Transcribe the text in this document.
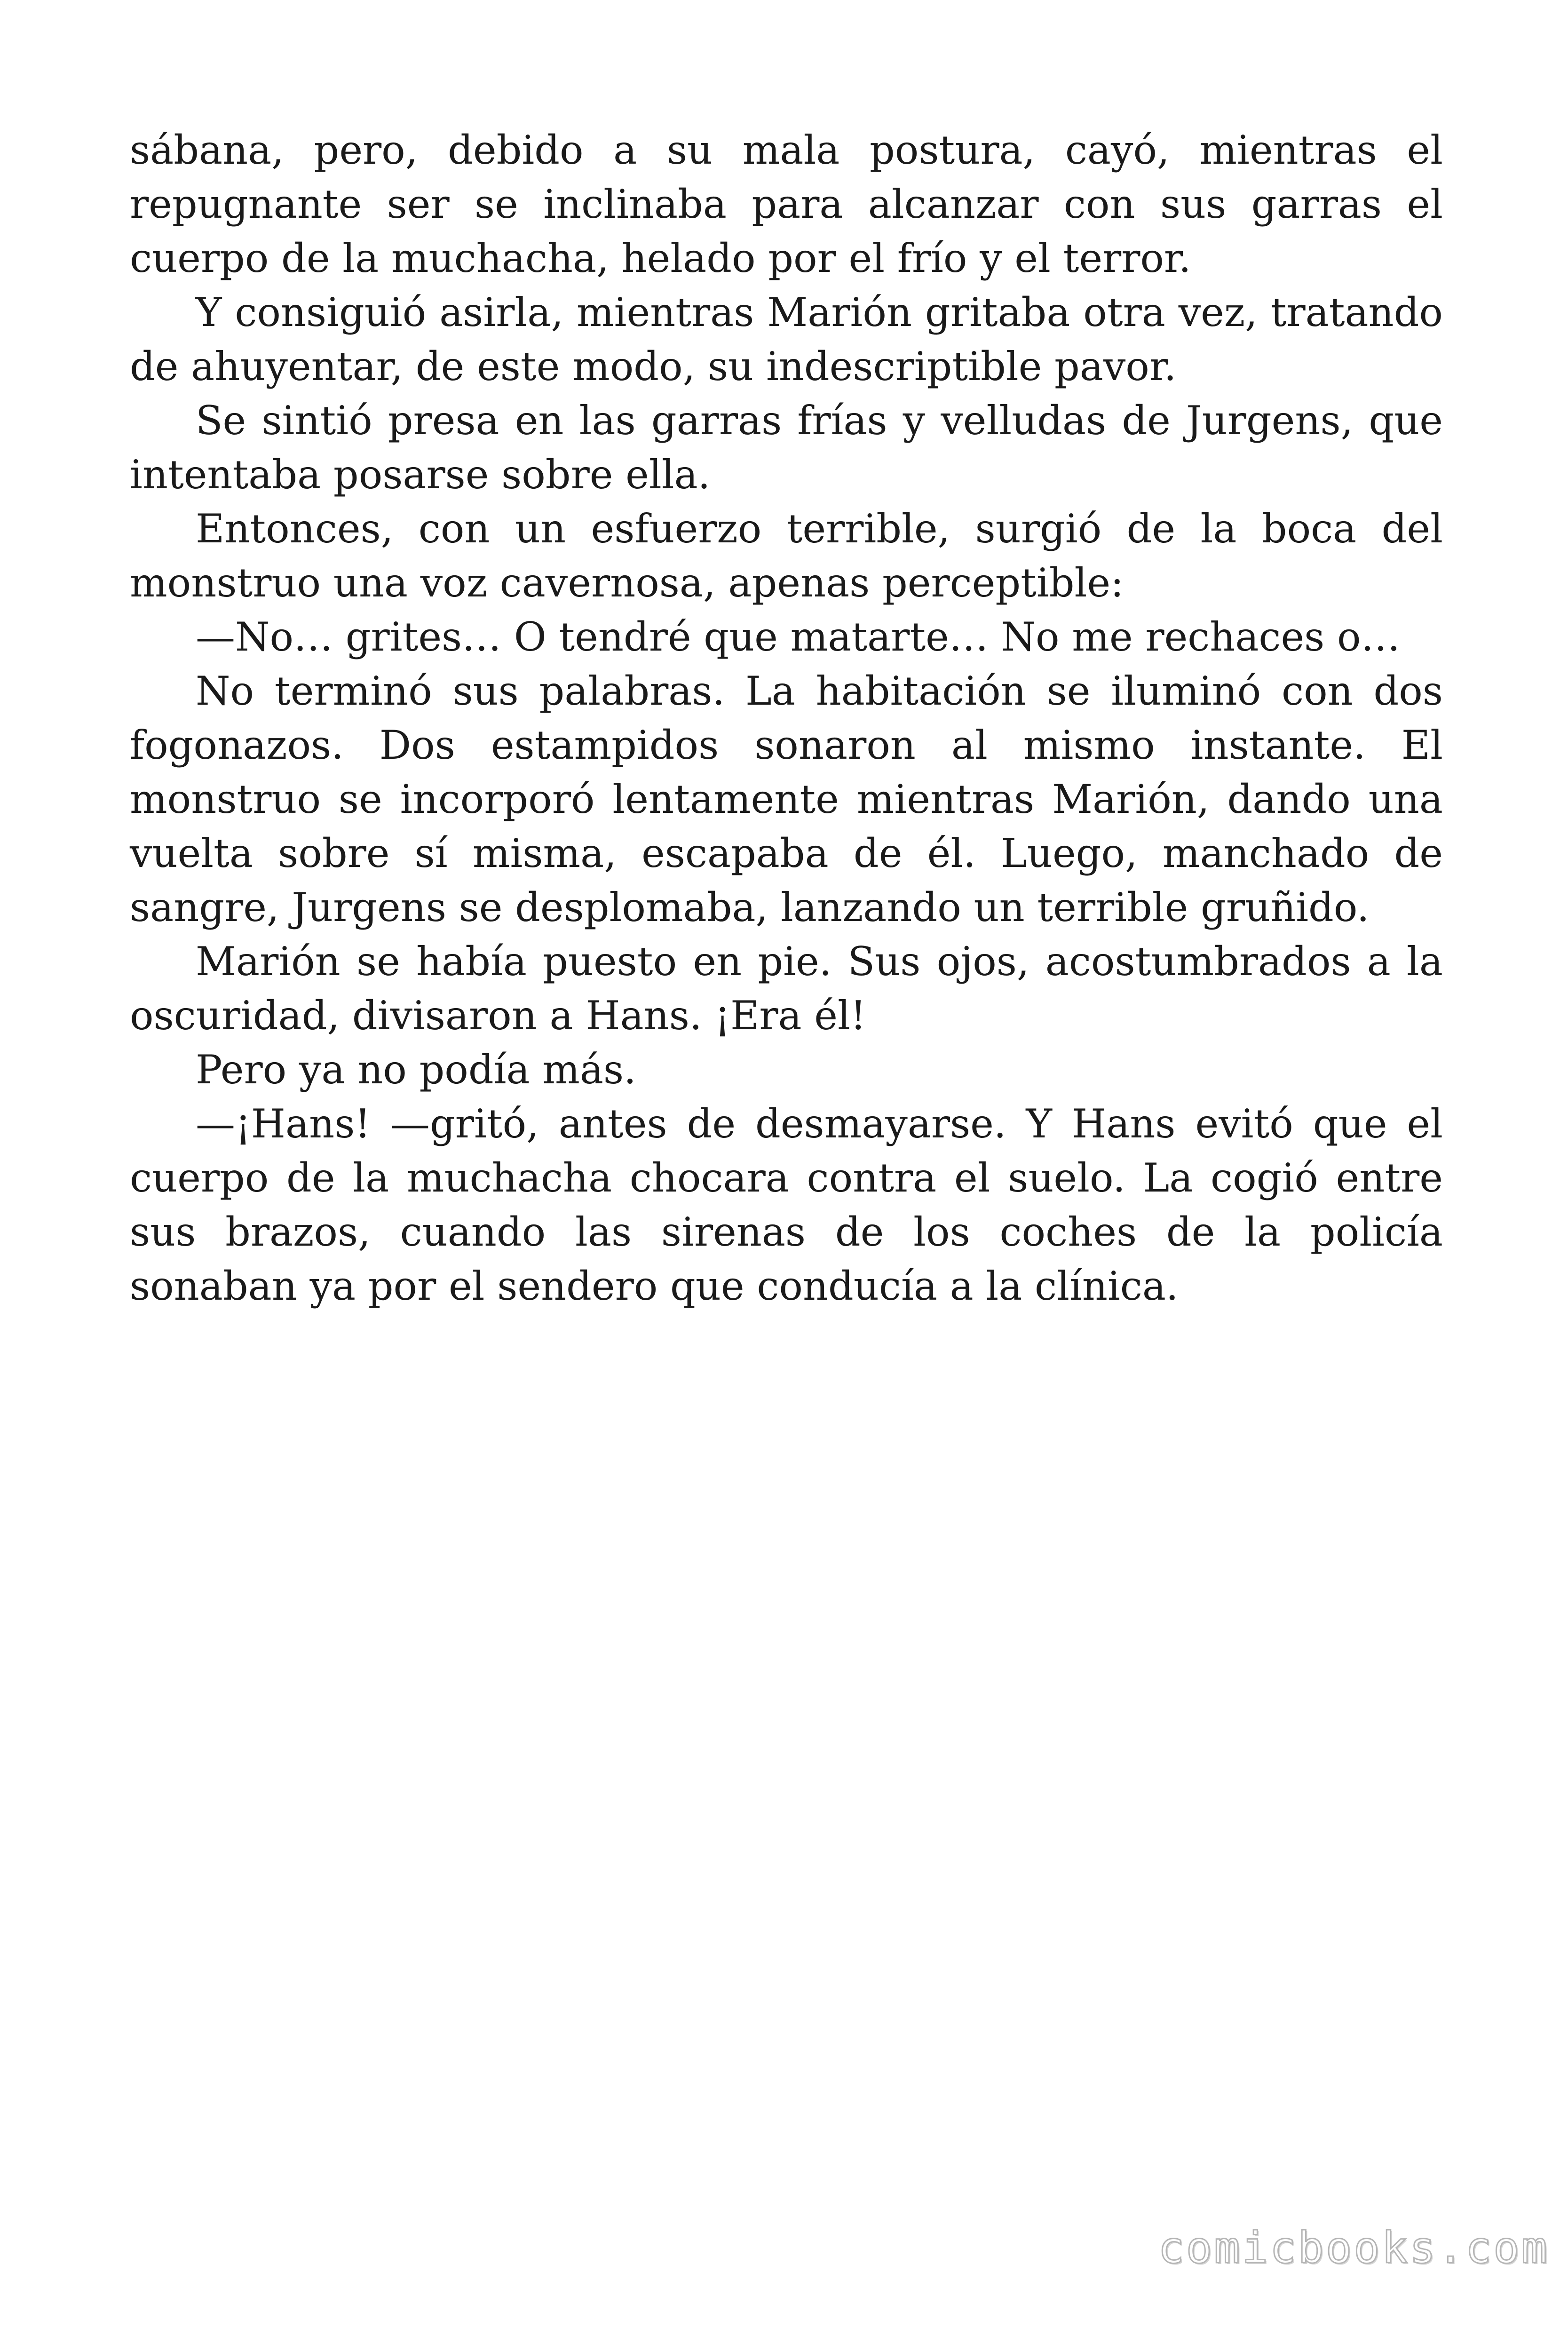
sábana, pero, debido a su mala postura, cayó, mientras el repugnante ser se inclinaba para alcanzar con sus garras el cuerpo de la muchacha, helado por el frío y el terror.

Y consiguió asirla, mientras Marión gritaba otra vez, tratando de ahuyentar, de este modo, su indescriptible pavor.

Se sintió presa en las garras frías y velludas de Jurgens, que intentaba posarse sobre ella.

Entonces, con un esfuerzo terrible, surgió de la boca del monstruo una voz cavernosa, apenas perceptible:

—No… grites… O tendré que matarte… No me rechaces o…

No terminó sus palabras. La habitación se iluminó con dos fogonazos. Dos estampidos sonaron al mismo instante. El monstruo se incorporó lentamente mientras Marión, dando una vuelta sobre sí misma, escapaba de él. Luego, manchado de sangre, Jurgens se desplomaba, lanzando un terrible gruñido.

Marión se había puesto en pie. Sus ojos, acostumbrados a la oscuridad, divisaron a Hans. ¡Era él!

Pero ya no podía más.

—¡Hans! —gritó, antes de desmayarse. Y Hans evitó que el cuerpo de la muchacha chocara contra el suelo. La cogió entre sus brazos, cuando las sirenas de los coches de la policía sonaban ya por el sendero que conducía a la clínica.

comicbooks.com
